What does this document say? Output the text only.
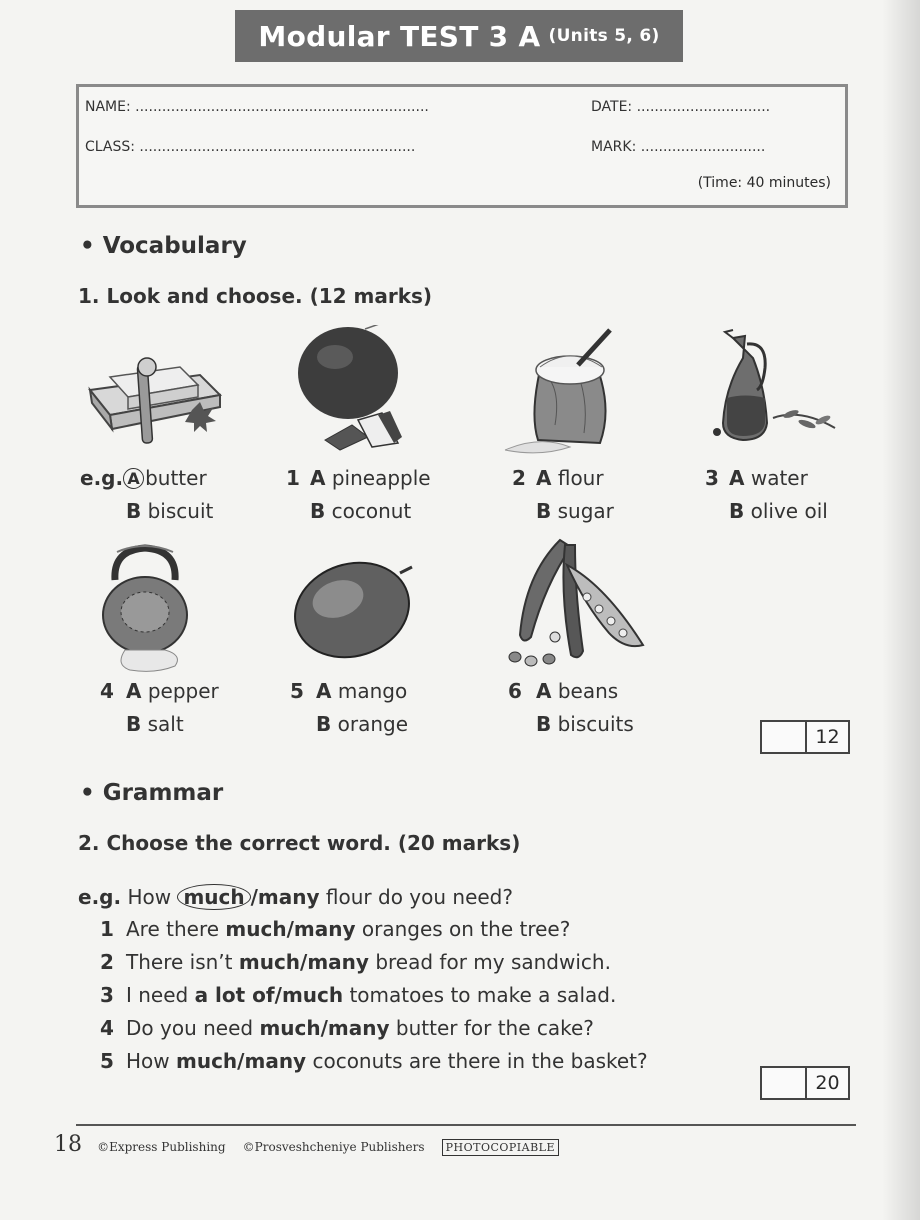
Modular TEST 3 A (Units 5, 6)
NAME: ..................................................................	DATE: ..............................
CLASS: ..............................................................	MARK: ............................
(Time: 40 minutes)
• Vocabulary
1. Look and choose. (12 marks)
e.g. A butter
B biscuit
1 A pineapple
B coconut
2 A flour
B sugar
3 A water
B olive oil
4 A pepper
B salt
5 A mango
B orange
6 A beans
B biscuits
12
• Grammar
2. Choose the correct word. (20 marks)
e.g. How much /many flour do you need?
1 Are there much/many oranges on the tree?
2 There isn’t much/many bread for my sandwich.
3 I need a lot of/much tomatoes to make a salad.
4 Do you need much/many butter for the cake?
5 How much/many coconuts are there in the basket?
20
18 ©Express Publishing ©Prosveshcheniye Publishers PHOTOCOPIABLE
